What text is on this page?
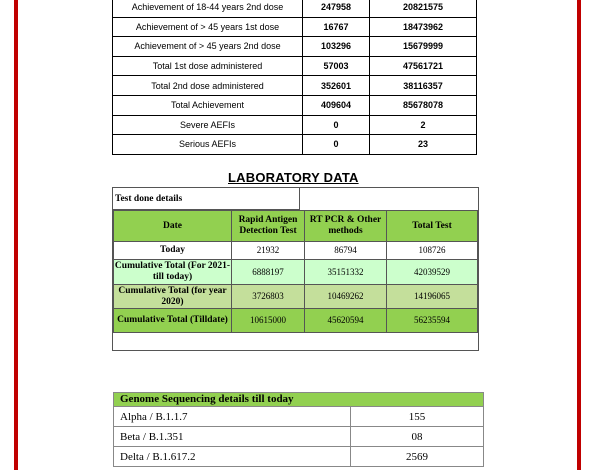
Achievement of 18-44 years 2nd dose	247958	20821575
Achievement of > 45 years 1st dose	16767	18473962
Achievement of > 45 years 2nd dose	103296	15679999
Total 1st dose administered	57003	47561721
Total 2nd dose administered	352601	38116357
Total Achievement	409604	85678078
Severe AEFIs	0	2
Serious AEFIs	0	23
LABORATORY DATA
Test done details
Date	Rapid Antigen Detection Test	RT PCR & Other methods	Total Test
Today	21932	86794	108726
Cumulative Total (For 2021- till today)	6888197	35151332	42039529
Cumulative Total (for year 2020)	3726803	10469262	14196065
Cumulative Total (Tilldate)	10615000	45620594	56235594
Genome Sequencing details till today	
Alpha / B.1.1.7	155
Beta / B.1.351	08
Delta / B.1.617.2	2569
